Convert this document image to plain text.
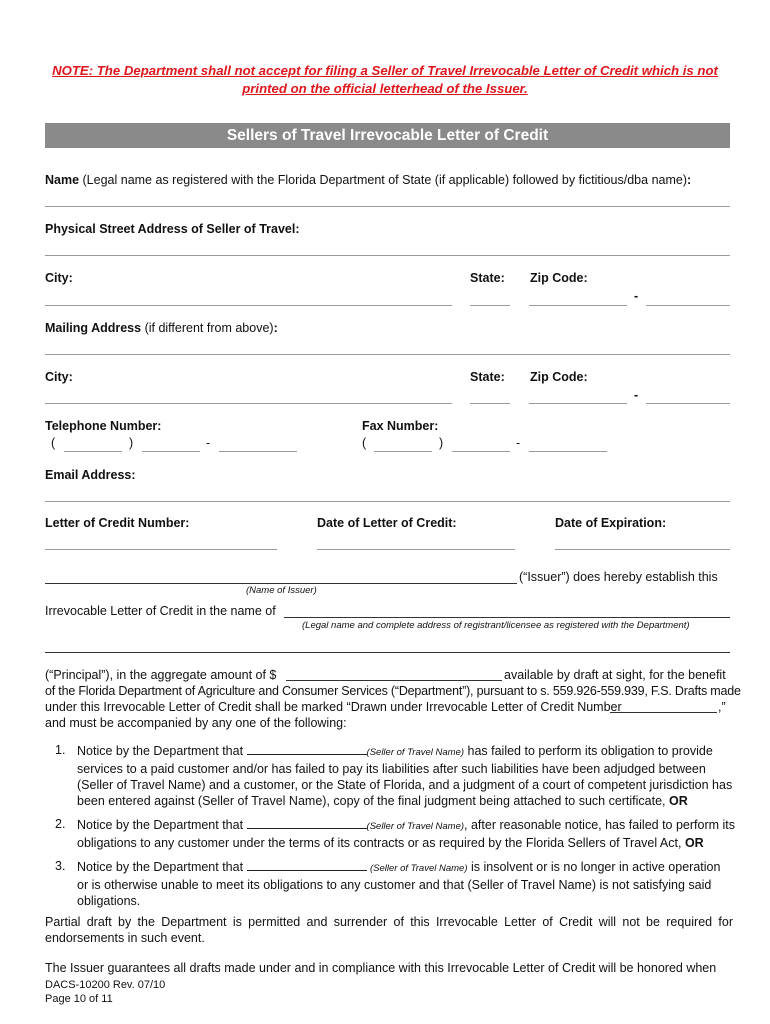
NOTE: The Department shall not accept for filing a Seller of Travel Irrevocable Letter of Credit which is not printed on the official letterhead of the Issuer.
Sellers of Travel Irrevocable Letter of Credit
Name (Legal name as registered with the Florida Department of State (if applicable) followed by fictitious/dba name):
Physical Street Address of Seller of Travel:
City:	State: Zip Code:
-
Mailing Address (if different from above):
City:	State: Zip Code:
-
Telephone Number:	Fax Number:
(	)	-	(	)	-
Email Address:
Letter of Credit Number:	Date of Letter of Credit:	Date of Expiration:
(“Issuer”) does hereby establish this
(Name of Issuer)
Irrevocable Letter of Credit in the name of
(Legal name and complete address of registrant/licensee as registered with the Department)
(“Principal”), in the aggregate amount of $	available by draft at sight, for the benefit
of the Florida Department of Agriculture and Consumer Services (“Department”), pursuant to s. 559.926-559.939, F.S. Drafts made
under this Irrevocable Letter of Credit shall be marked “Drawn under Irrevocable Letter of Credit Number	,”
and must be accompanied by any one of the following:
1. Notice by the Department that	(Seller of Travel Name) has failed to perform its obligation to provide services to a paid customer and/or has failed to pay its liabilities after such liabilities have been adjudged between (Seller of Travel Name) and a customer, or the State of Florida, and a judgment of a court of competent jurisdiction has been entered against (Seller of Travel Name), copy of the final judgment being attached to such certificate, OR
2. Notice by the Department that	(Seller of Travel Name), after reasonable notice, has failed to perform its obligations to any customer under the terms of its contracts or as required by the Florida Sellers of Travel Act, OR
3. Notice by the Department that	(Seller of Travel Name) is insolvent or is no longer in active operation or is otherwise unable to meet its obligations to any customer and that (Seller of Travel Name) is not satisfying said obligations.
Partial draft by the Department is permitted and surrender of this Irrevocable Letter of Credit will not be required for endorsements in such event.
The Issuer guarantees all drafts made under and in compliance with this Irrevocable Letter of Credit will be honored when
DACS-10200 Rev. 07/10
Page 10 of 11
